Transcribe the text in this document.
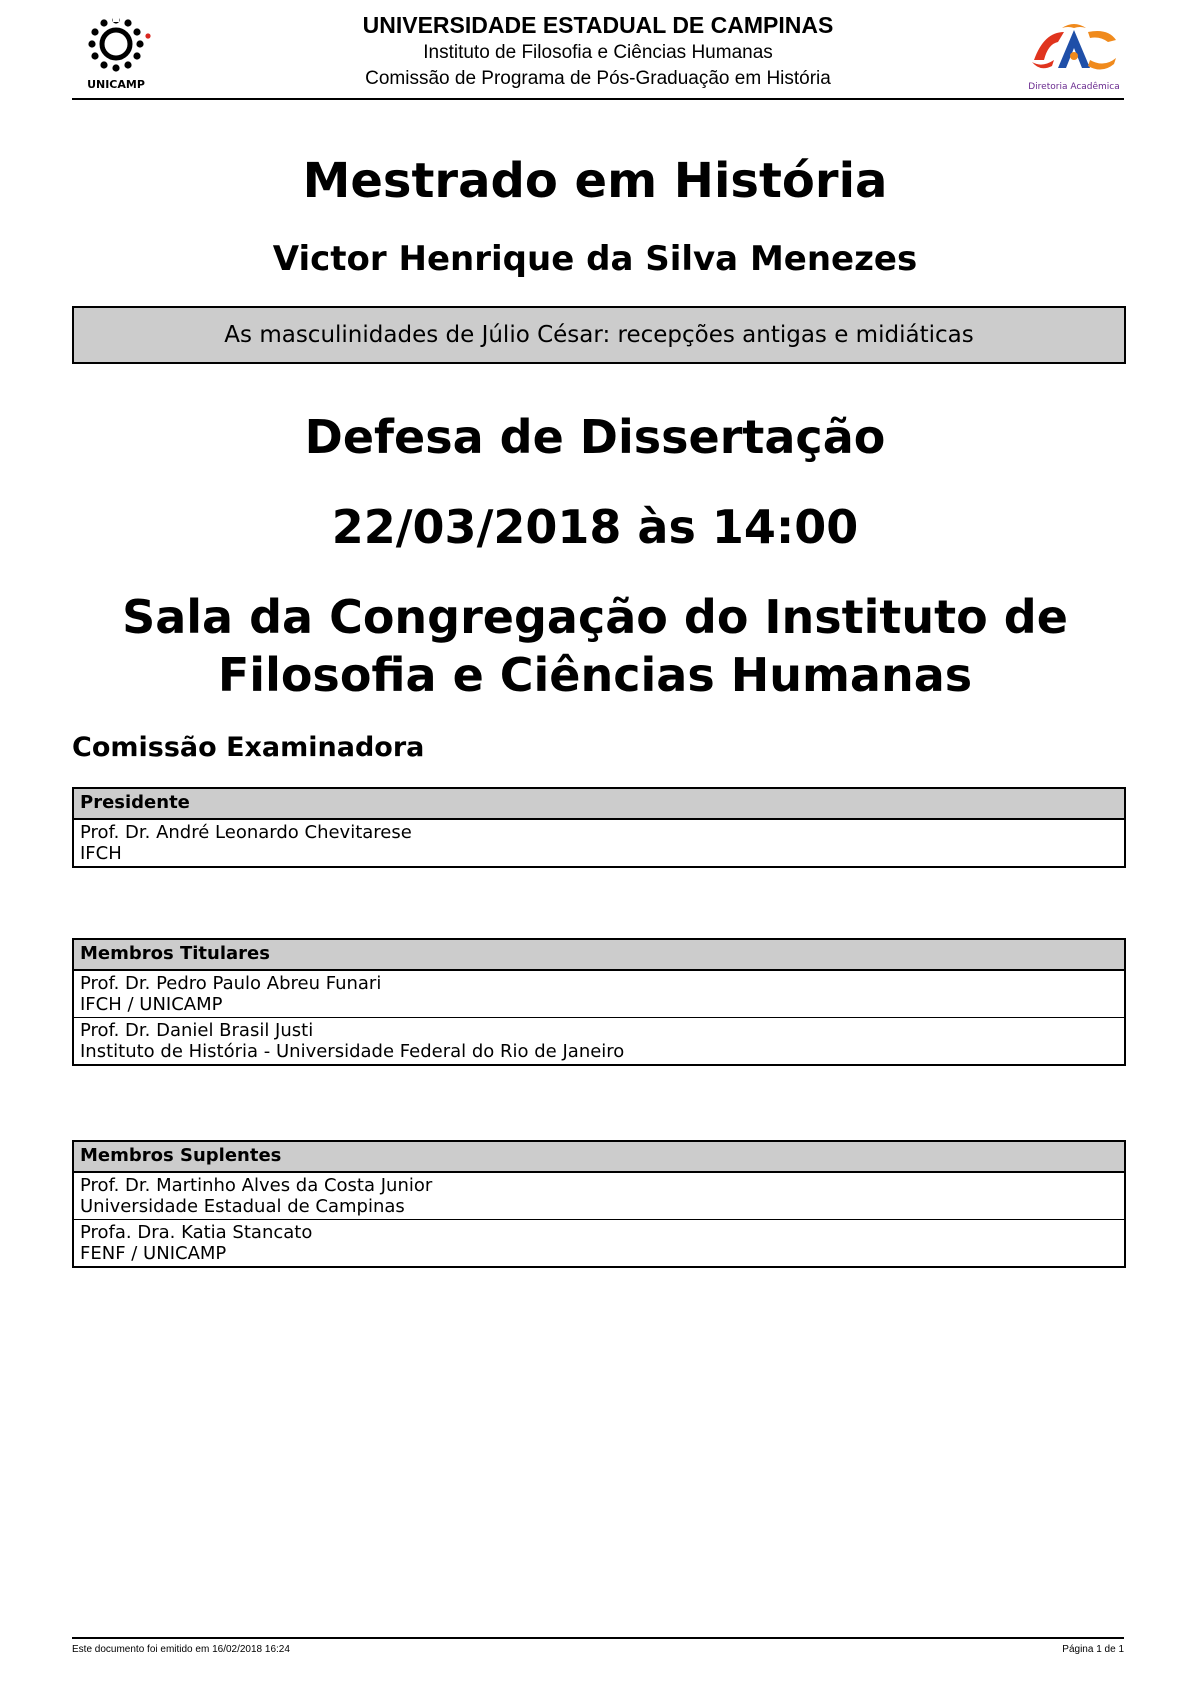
UNICAMP
UNIVERSIDADE ESTADUAL DE CAMPINAS
Instituto de Filosofia e Ciências Humanas
Comissão de Programa de Pós-Graduação em História	Diretoria Acadêmica
Mestrado em História
Victor Henrique da Silva Menezes
As masculinidades de Júlio César: recepções antigas e midiáticas
Defesa de Dissertação
22/03/2018 às 14:00
Sala da Congregação do Instituto de
Filosofia e Ciências Humanas
Comissão Examinadora
Presidente
Prof. Dr. André Leonardo Chevitarese
IFCH
Membros Titulares
Prof. Dr. Pedro Paulo Abreu Funari
IFCH / UNICAMP
Prof. Dr. Daniel Brasil Justi
Instituto de História - Universidade Federal do Rio de Janeiro
Membros Suplentes
Prof. Dr. Martinho Alves da Costa Junior
Universidade Estadual de Campinas
Profa. Dra. Katia Stancato
FENF / UNICAMP
Este documento foi emitido em 16/02/2018 16:24	Página 1 de 1
